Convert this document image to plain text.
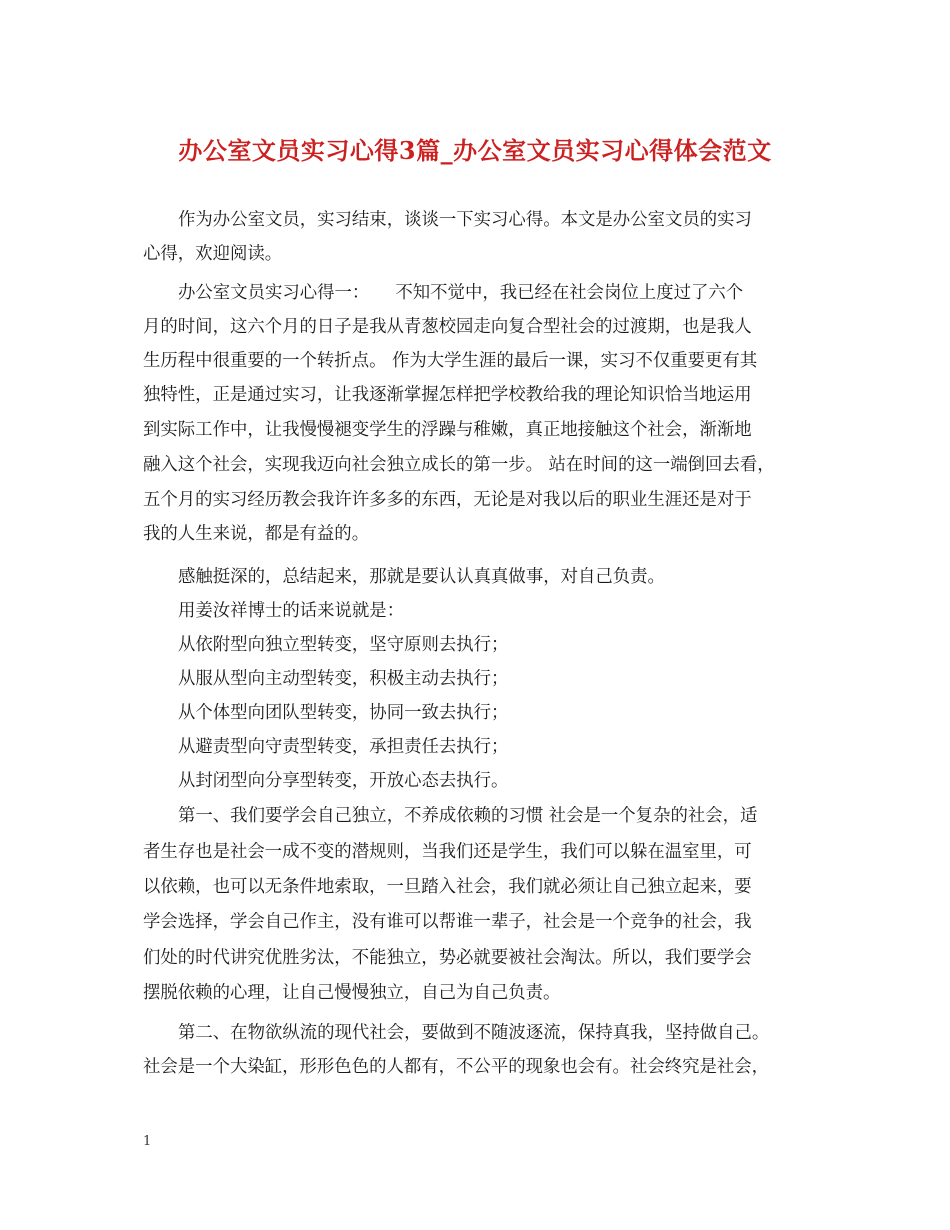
办公室文员实习心得3篇_办公室文员实习心得体会范文
作为办公室文员，实习结束，谈谈一下实习心得。本文是办公室文员的实习
心得，欢迎阅读。
办公室文员实习心得一：　　不知不觉中，我已经在社会岗位上度过了六个
月的时间，这六个月的日子是我从青葱校园走向复合型社会的过渡期，也是我人
生历程中很重要的一个转折点。 作为大学生涯的最后一课，实习不仅重要更有其
独特性，正是通过实习，让我逐渐掌握怎样把学校教给我的理论知识恰当地运用
到实际工作中，让我慢慢褪变学生的浮躁与稚嫩，真正地接触这个社会，渐渐地
融入这个社会，实现我迈向社会独立成长的第一步。 站在时间的这一端倒回去看，
五个月的实习经历教会我许许多多的东西，无论是对我以后的职业生涯还是对于
我的人生来说，都是有益的。
感触挺深的，总结起来，那就是要认认真真做事，对自己负责。
用姜汝祥博士的话来说就是：
从依附型向独立型转变，坚守原则去执行；
从服从型向主动型转变，积极主动去执行；
从个体型向团队型转变，协同一致去执行；
从避责型向守责型转变，承担责任去执行；
从封闭型向分享型转变，开放心态去执行。
第一、我们要学会自己独立，不养成依赖的习惯 社会是一个复杂的社会，适
者生存也是社会一成不变的潜规则，当我们还是学生，我们可以躲在温室里，可
以依赖，也可以无条件地索取，一旦踏入社会，我们就必须让自己独立起来，要
学会选择，学会自己作主，没有谁可以帮谁一辈子，社会是一个竞争的社会，我
们处的时代讲究优胜劣汰，不能独立，势必就要被社会淘汰。所以，我们要学会
摆脱依赖的心理，让自己慢慢独立，自己为自己负责。
第二、在物欲纵流的现代社会，要做到不随波逐流，保持真我，坚持做自己。
社会是一个大染缸，形形色色的人都有，不公平的现象也会有。社会终究是社会，
1
